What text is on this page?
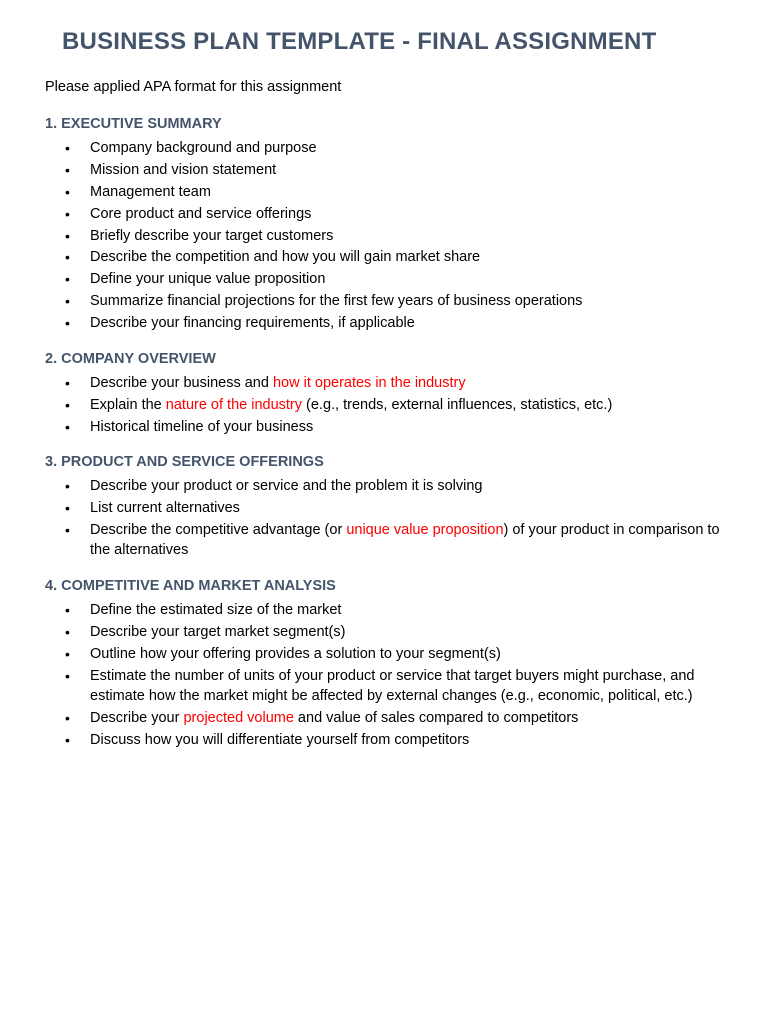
BUSINESS PLAN TEMPLATE - FINAL ASSIGNMENT

Please applied APA format for this assignment

1. EXECUTIVE SUMMARY
• Company background and purpose
• Mission and vision statement
• Management team
• Core product and service offerings
• Briefly describe your target customers
• Describe the competition and how you will gain market share
• Define your unique value proposition
• Summarize financial projections for the first few years of business operations
• Describe your financing requirements, if applicable
2. COMPANY OVERVIEW
• Describe your business and how it operates in the industry
• Explain the nature of the industry (e.g., trends, external influences, statistics, etc.)
• Historical timeline of your business
3. PRODUCT AND SERVICE OFFERINGS
• Describe your product or service and the problem it is solving
• List current alternatives
• Describe the competitive advantage (or unique value proposition) of your product in comparison to the alternatives
4. COMPETITIVE AND MARKET ANALYSIS
• Define the estimated size of the market
• Describe your target market segment(s)
• Outline how your offering provides a solution to your segment(s)
• Estimate the number of units of your product or service that target buyers might purchase, and estimate how the market might be affected by external changes (e.g., economic, political, etc.)
• Describe your projected volume and value of sales compared to competitors
• Discuss how you will differentiate yourself from competitors
